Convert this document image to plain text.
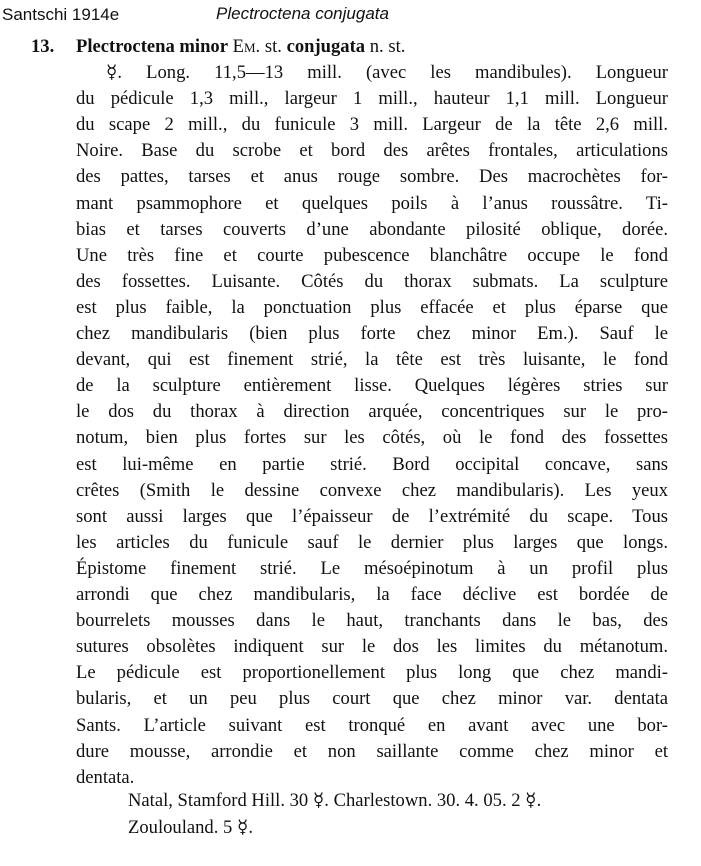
Santschi 1914e	Plectroctena conjugata
13. Plectroctena minor Em. st. conjugata n. st.
☿. Long. 11,5—13 mill. (avec les mandibules). Longueur
du pédicule 1,3 mill., largeur 1 mill., hauteur 1,1 mill. Longueur
du scape 2 mill., du funicule 3 mill. Largeur de la tête 2,6 mill.
Noire. Base du scrobe et bord des arêtes frontales, articulations
des pattes, tarses et anus rouge sombre. Des macrochètes for-
mant psammophore et quelques poils à l’anus roussâtre. Ti-
bias et tarses couverts d’une abondante pilosité oblique, dorée.
Une très fine et courte pubescence blanchâtre occupe le fond
des fossettes. Luisante. Côtés du thorax submats. La sculpture
est plus faible, la ponctuation plus effacée et plus éparse que
chez mandibularis (bien plus forte chez minor Em.). Sauf le
devant, qui est finement strié, la tête est très luisante, le fond
de la sculpture entièrement lisse. Quelques légères stries sur
le dos du thorax à direction arquée, concentriques sur le pro-
notum, bien plus fortes sur les côtés, où le fond des fossettes
est lui-même en partie strié. Bord occipital concave, sans
crêtes (Smith le dessine convexe chez mandibularis). Les yeux
sont aussi larges que l’épaisseur de l’extrémité du scape. Tous
les articles du funicule sauf le dernier plus larges que longs.
Épistome finement strié. Le mésoépinotum à un profil plus
arrondi que chez mandibularis, la face déclive est bordée de
bourrelets mousses dans le haut, tranchants dans le bas, des
sutures obsolètes indiquent sur le dos les limites du métanotum.
Le pédicule est proportionellement plus long que chez mandi-
bularis, et un peu plus court que chez minor var. dentata
Sants. L’article suivant est tronqué en avant avec une bor-
dure mousse, arrondie et non saillante comme chez minor et
dentata.
Natal, Stamford Hill. 30 ☿. Charlestown. 30. 4. 05. 2 ☿.
Zoulouland. 5 ☿.
